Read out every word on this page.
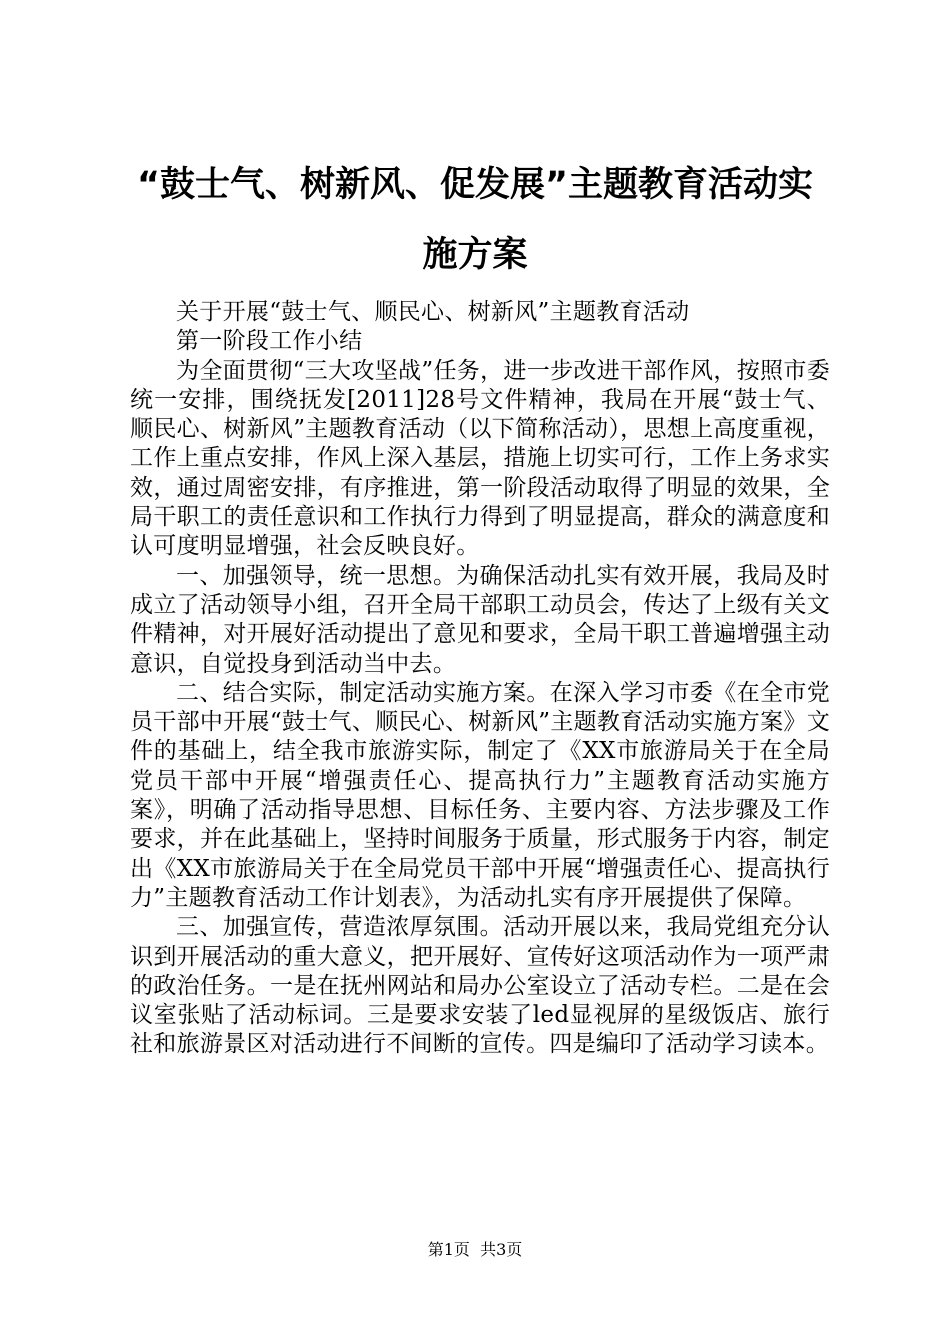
“鼓士气、树新风、促发展”主题教育活动实施方案

关于开展“鼓士气、顺民心、树新风”主题教育活动

第一阶段工作小结

为全面贯彻“三大攻坚战”任务，进一步改进干部作风，按照市委统一安排，围绕抚发[2011]28号文件精神，我局在开展“鼓士气、顺民心、树新风”主题教育活动（以下简称活动），思想上高度重视，工作上重点安排，作风上深入基层，措施上切实可行，工作上务求实效，通过周密安排，有序推进，第一阶段活动取得了明显的效果，全局干职工的责任意识和工作执行力得到了明显提高，群众的满意度和认可度明显增强，社会反映良好。

一、加强领导，统一思想。为确保活动扎实有效开展，我局及时成立了活动领导小组，召开全局干部职工动员会，传达了上级有关文件精神，对开展好活动提出了意见和要求，全局干职工普遍增强主动意识，自觉投身到活动当中去。

二、结合实际，制定活动实施方案。在深入学习市委《在全市党员干部中开展“鼓士气、顺民心、树新风”主题教育活动实施方案》文件的基础上，结全我市旅游实际，制定了《XX市旅游局关于在全局党员干部中开展“增强责任心、提高执行力”主题教育活动实施方案》，明确了活动指导思想、目标任务、主要内容、方法步骤及工作要求，并在此基础上，坚持时间服务于质量，形式服务于内容，制定出《XX市旅游局关于在全局党员干部中开展“增强责任心、提高执行力”主题教育活动工作计划表》，为活动扎实有序开展提供了保障。

三、加强宣传，营造浓厚氛围。活动开展以来，我局党组充分认识到开展活动的重大意义，把开展好、宣传好这项活动作为一项严肃的政治任务。一是在抚州网站和局办公室设立了活动专栏。二是在会议室张贴了活动标词。三是要求安装了led显视屏的星级饭店、旅行社和旅游景区对活动进行不间断的宣传。四是编印了活动学习读本。

第1页  共3页
